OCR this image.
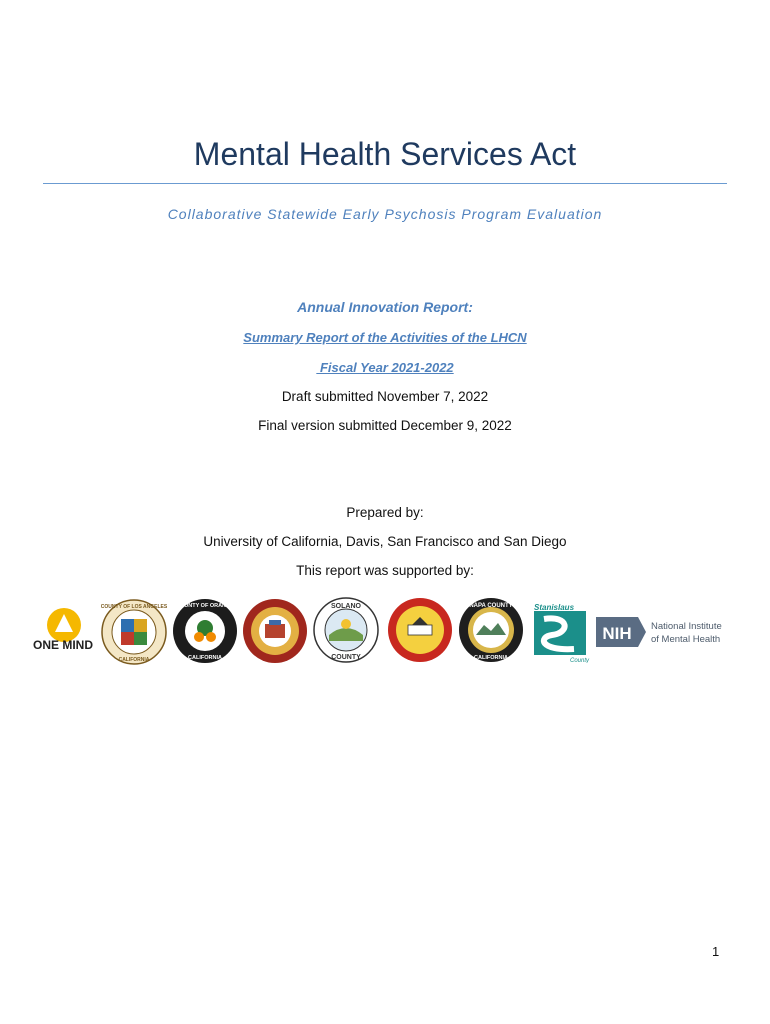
Mental Health Services Act
Collaborative Statewide Early Psychosis Program Evaluation
Annual Innovation Report:
Summary Report of the Activities of the LHCN
Fiscal Year 2021-2022
Draft submitted November 7, 2022
Final version submitted December 9, 2022
Prepared by:
University of California, Davis, San Francisco and San Diego
This report was supported by:
ONE MIND
COUNTY OF LOS ANGELES
CALIFORNIA
COUNTY OF ORANGE
CALIFORNIA
SOLANO
COUNTY
NAPA COUNTY
CALIFORNIA
Stanislaus
County
NIH National Institute
of Mental Health
1
